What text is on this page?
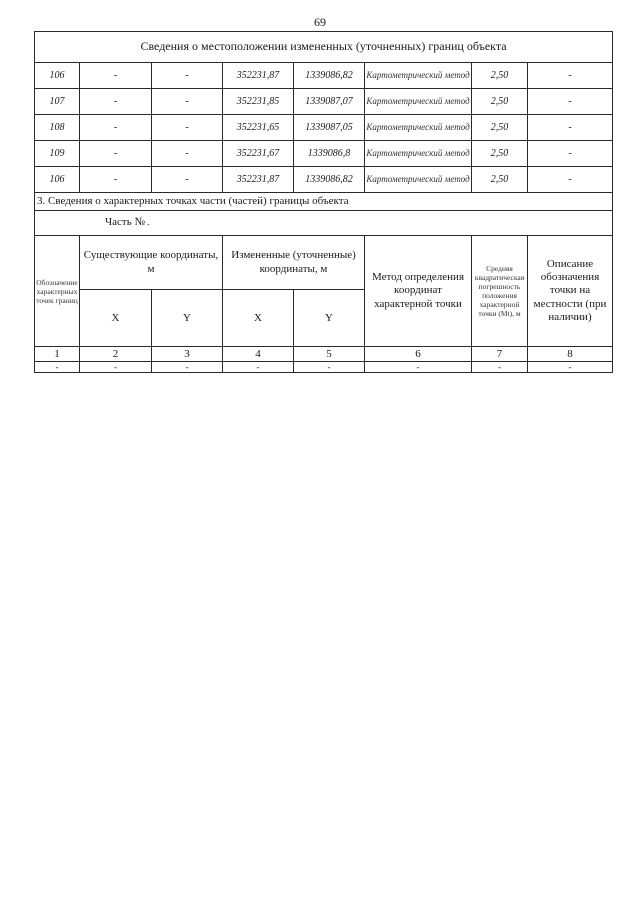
69
Сведения о местоположении измененных (уточненных) границ объекта							
106	-	-	352231,87	1339086,82	Картометрический метод	2,50	-
107	-	-	352231,85	1339087,07	Картометрический метод	2,50	-
108	-	-	352231,65	1339087,05	Картометрический метод	2,50	-
109	-	-	352231,67	1339086,8	Картометрический метод	2,50	-
106	-	-	352231,87	1339086,82	Картометрический метод	2,50	-
3. Сведения о характерных точках части (частей) границы объекта							
Часть № -							
Обозначение характерных точек границ	Существующие координаты, м		Измененные (уточненные) координаты, м		Метод определения координат характерной точки	Средняя квадратическая погрешность положения характерной точки (Mt), м	Описание обозначения точки на местности (при наличии)
	X	Y	X	Y			
1	2	3	4	5	6	7	8
-	-	-	-	-	-	-	-
